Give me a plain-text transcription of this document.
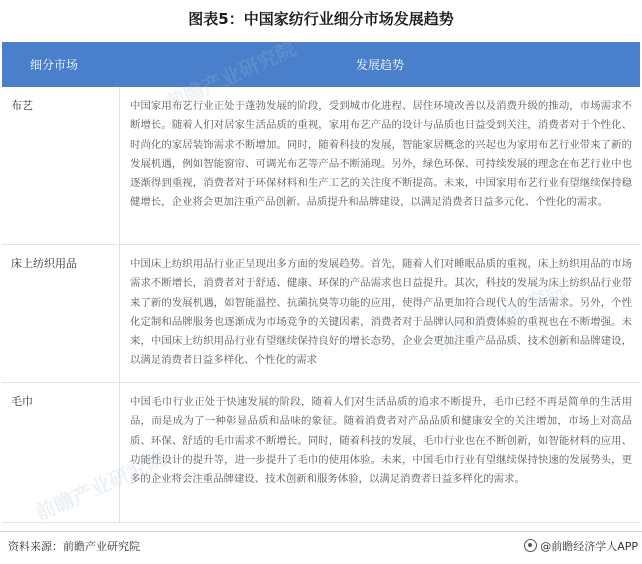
图表5：中国家纺行业细分市场发展趋势
细分市场	发展趋势
布艺	中国家用布艺行业正处于蓬勃发展的阶段，受到城市化进程、居住环境改善以及消费升级的推动，市场需求不断增长。随着人们对居家生活品质的重视，家用布艺产品的设计与品质也日益受到关注，消费者对于个性化、时尚化的家居装饰需求不断增加。同时，随着科技的发展，智能家居概念的兴起也为家用布艺行业带来了新的发展机遇，例如智能窗帘、可调光布艺等产品不断涌现。另外，绿色环保、可持续发展的理念在布艺行业中也逐渐得到重视，消费者对于环保材料和生产工艺的关注度不断提高。未来，中国家用布艺行业有望继续保持稳健增长，企业将会更加注重产品创新、品质提升和品牌建设，以满足消费者日益多元化、个性化的需求。
床上纺织用品	中国床上纺织用品行业正呈现出多方面的发展趋势。首先，随着人们对睡眠品质的重视，床上纺织用品的市场需求不断增长，消费者对于舒适、健康、环保的产品需求也日益提升。其次，科技的发展为床上纺织品行业带来了新的发展机遇，如智能温控、抗菌抗臭等功能的应用，使得产品更加符合现代人的生活需求。另外，个性化定制和品牌服务也逐渐成为市场竞争的关键因素，消费者对于品牌认同和消费体验的重视也在不断增强。未来，中国床上纺织用品行业有望继续保持良好的增长态势，企业会更加注重产品品质、技术创新和品牌建设，以满足消费者日益多样化、个性化的需求
毛巾	中国毛巾行业正处于快速发展的阶段，随着人们对生活品质的追求不断提升，毛巾已经不再是简单的生活用品，而是成为了一种彰显品质和品味的象征。随着消费者对产品品质和健康安全的关注增加，市场上对高品质、环保、舒适的毛巾需求不断增长。同时，随着科技的发展，毛巾行业也在不断创新，如智能材料的应用、功能性设计的提升等，进一步提升了毛巾的使用体验。未来，中国毛巾行业有望继续保持快速的发展势头，更多的企业将会注重品牌建设、技术创新和服务体验，以满足消费者日益多样化的需求。
前瞻产业研究院
前瞻产业研究院
前瞻产业研究院
资料来源：前瞻产业研究院	@前瞻经济学人APP
